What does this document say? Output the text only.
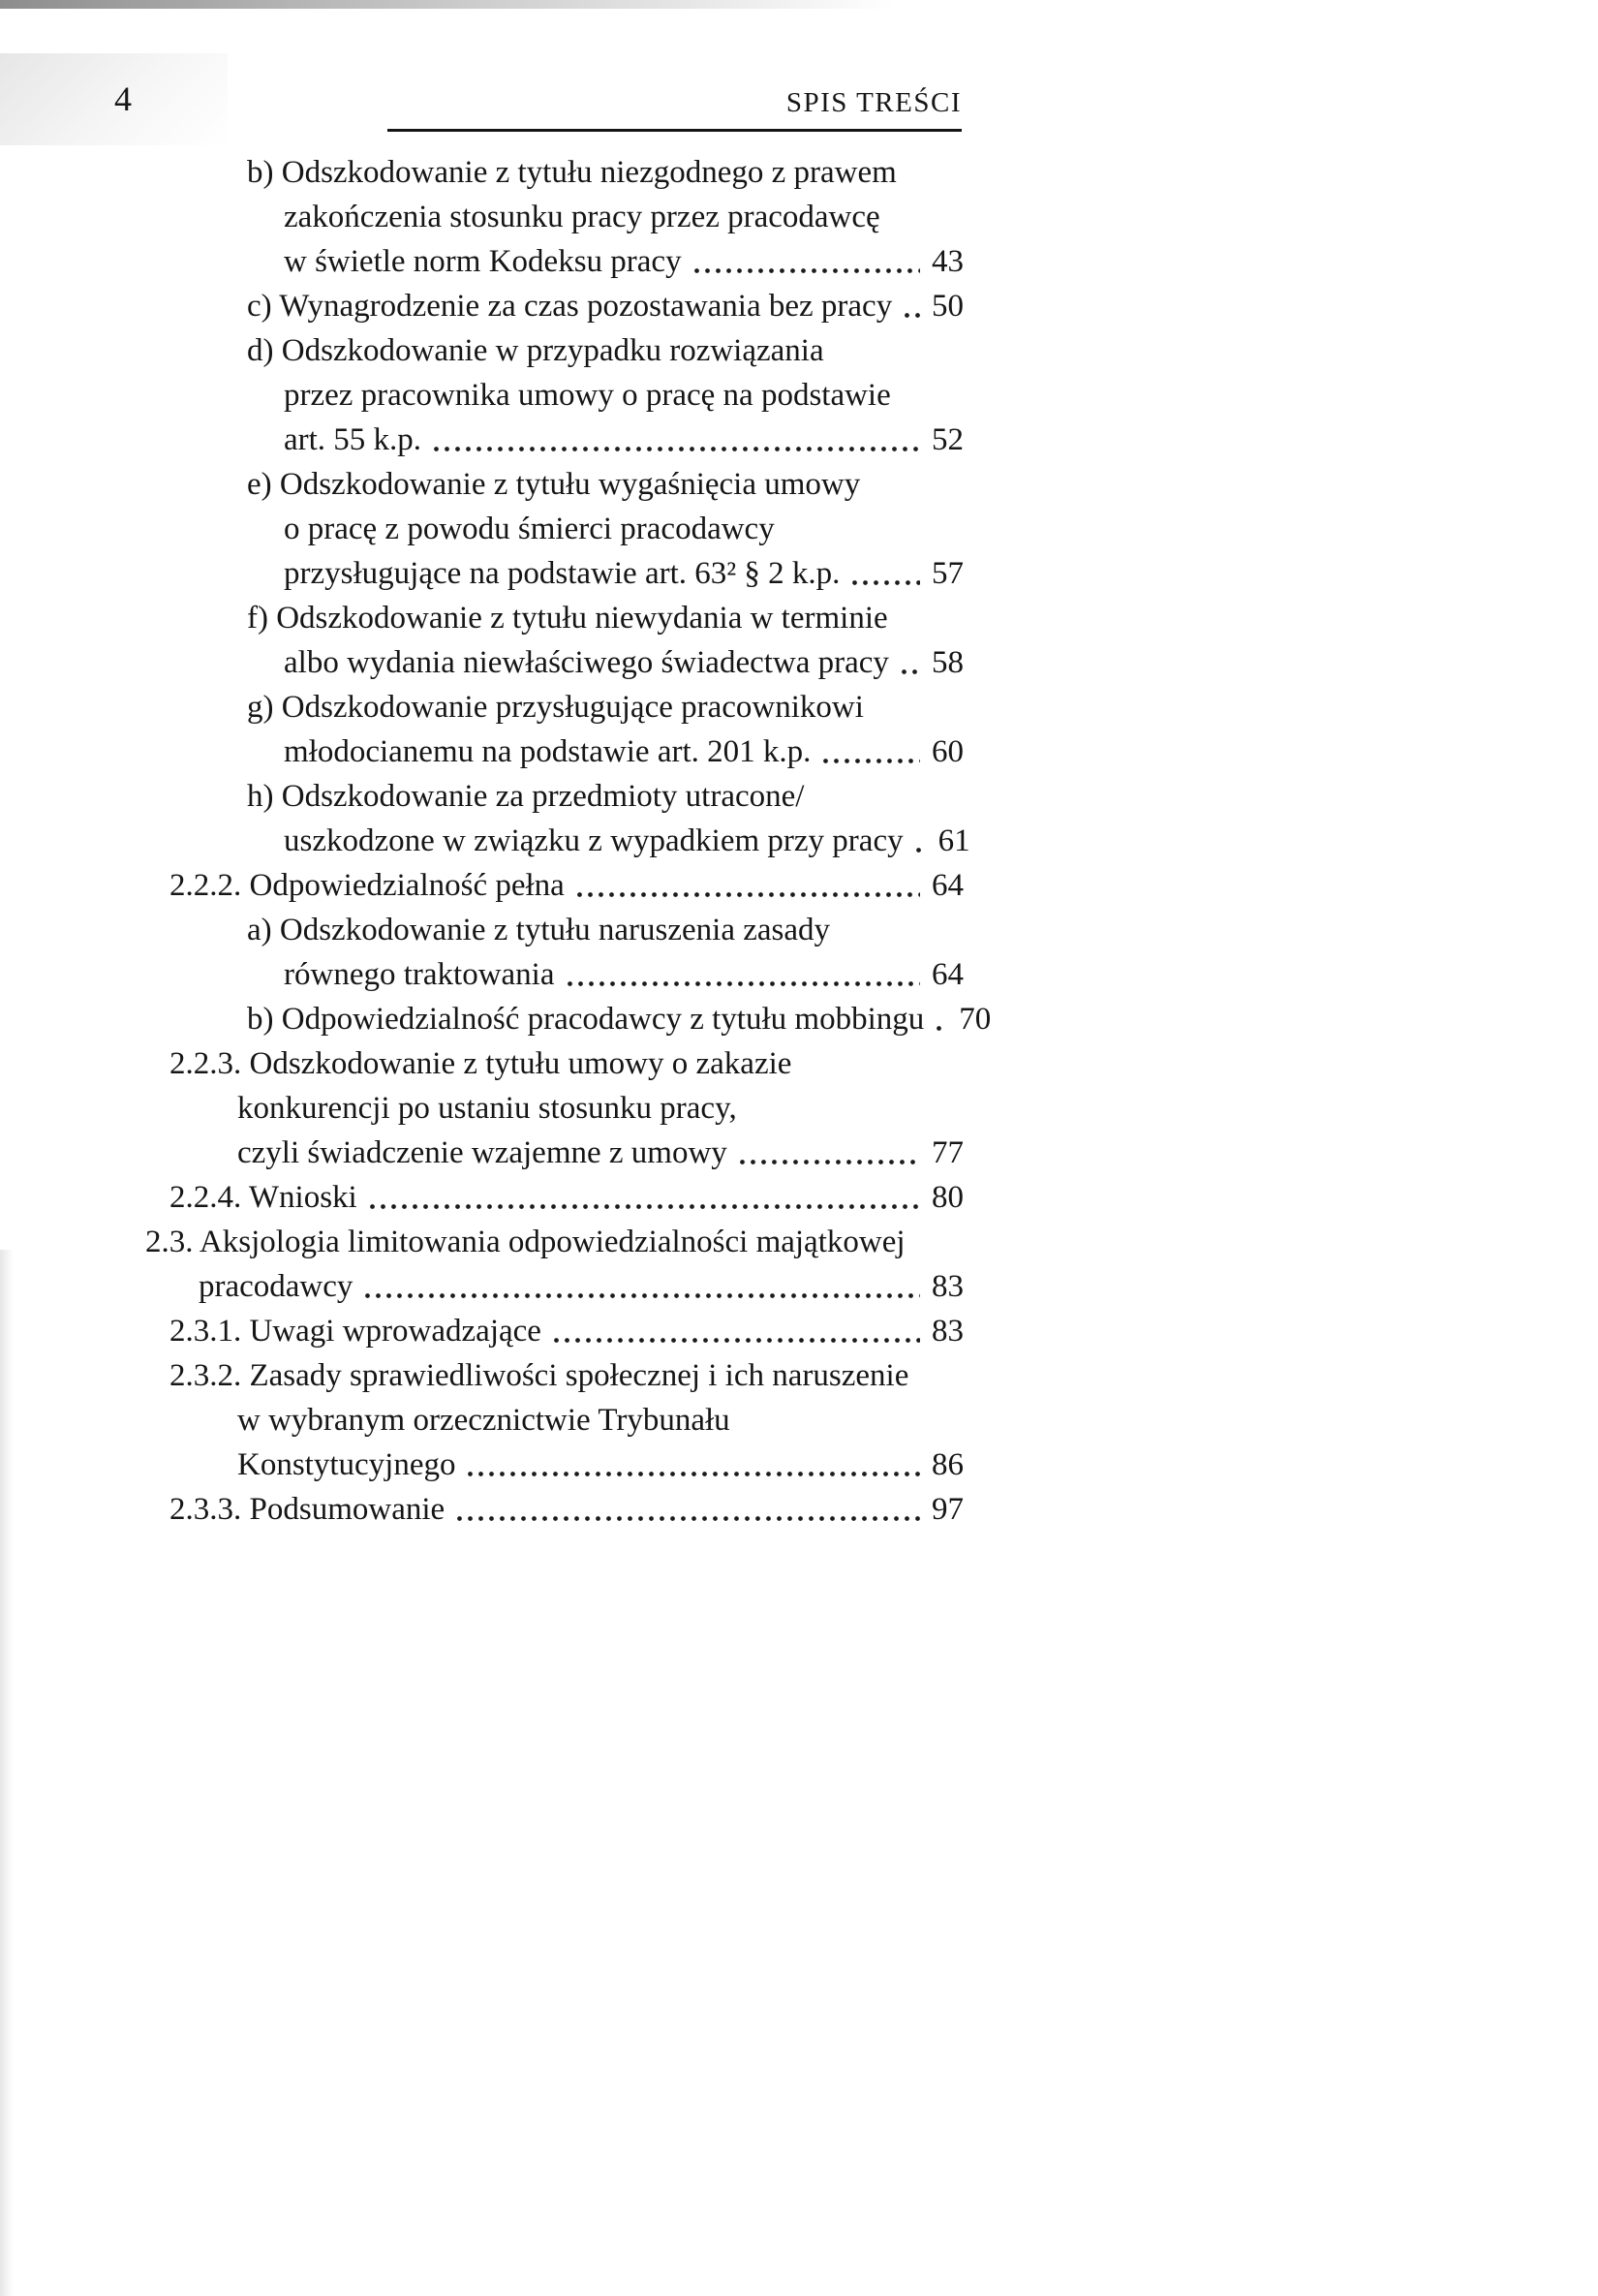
4	SPIS TREŚCI
b) Odszkodowanie z tytułu niezgodnego z prawem
zakończenia stosunku pracy przez pracodawcę
w świetle norm Kodeksu pracy	43
c) Wynagrodzenie za czas pozostawania bez pracy 50
d) Odszkodowanie w przypadku rozwiązania
przez pracownika umowy o pracę na podstawie
art. 55 k.p.	52
e) Odszkodowanie z tytułu wygaśnięcia umowy
o pracę z powodu śmierci pracodawcy
przysługujące na podstawie art. 63² § 2 k.p.	57
f) Odszkodowanie z tytułu niewydania w terminie
albo wydania niewłaściwego świadectwa pracy 58
g) Odszkodowanie przysługujące pracownikowi
młodocianemu na podstawie art. 201 k.p.	60
h) Odszkodowanie za przedmioty utracone/
uszkodzone w związku z wypadkiem przy pracy 61
2.2.2. Odpowiedzialność pełna	64
a) Odszkodowanie z tytułu naruszenia zasady
równego traktowania	64
b) Odpowiedzialność pracodawcy z tytułu mobbingu 70
2.2.3. Odszkodowanie z tytułu umowy o zakazie
konkurencji po ustaniu stosunku pracy,
czyli świadczenie wzajemne z umowy	77
2.2.4. Wnioski	80
2.3. Aksjologia limitowania odpowiedzialności majątkowej
pracodawcy	83
2.3.1. Uwagi wprowadzające	83
2.3.2. Zasady sprawiedliwości społecznej i ich naruszenie
w wybranym orzecznictwie Trybunału
Konstytucyjnego	86
2.3.3. Podsumowanie	97
